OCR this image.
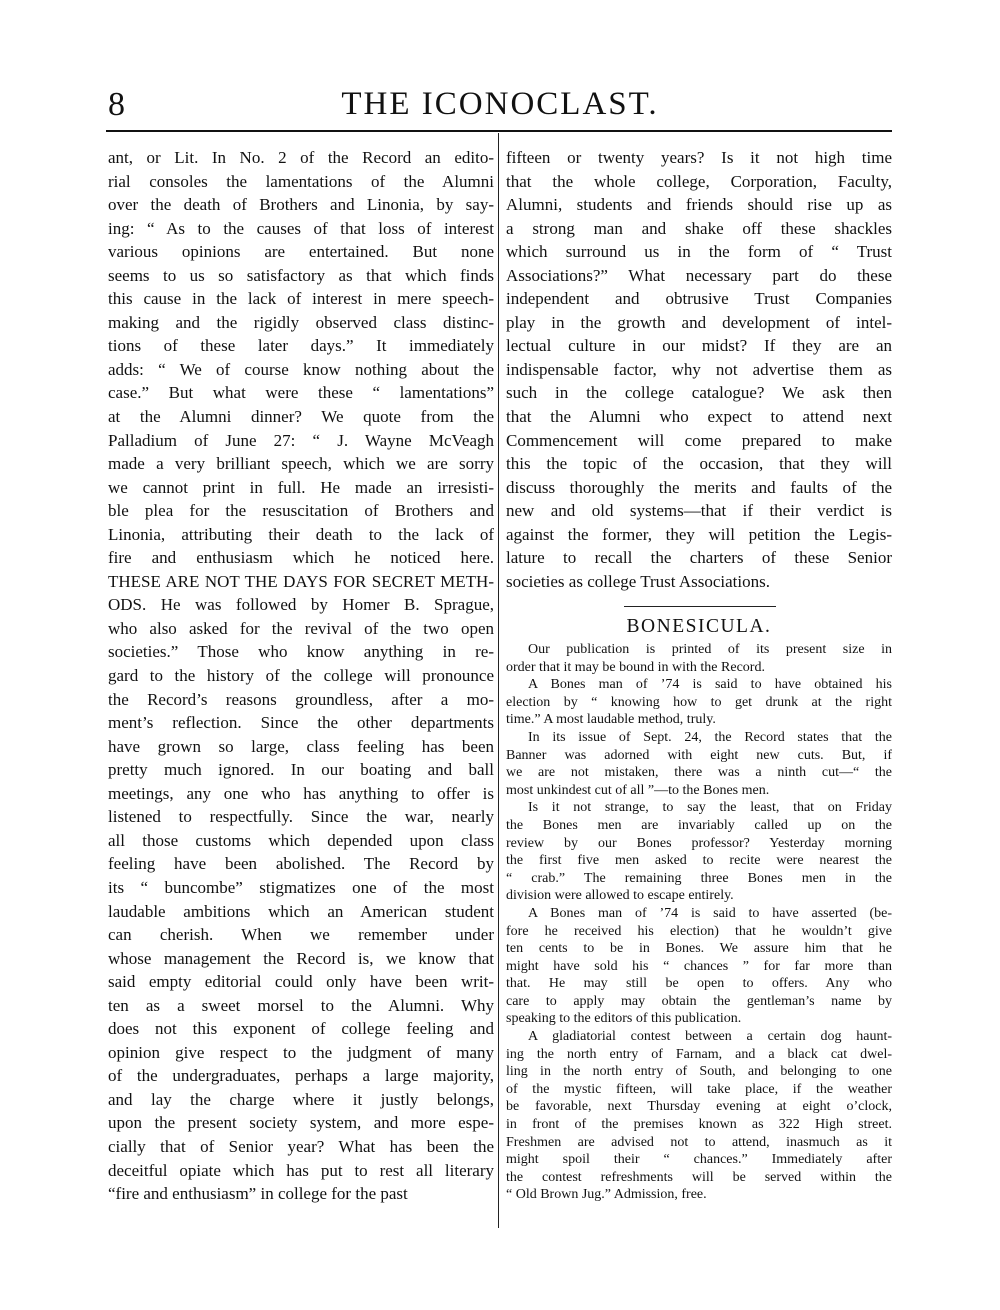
8	THE ICONOCLAST.
ant, or Lit. In No. 2 of the Record an edito-
rial consoles the lamentations of the Alumni
over the death of Brothers and Linonia, by say-
ing: “ As to the causes of that loss of interest
various opinions are entertained. But none
seems to us so satisfactory as that which finds
this cause in the lack of interest in mere speech-
making and the rigidly observed class distinc-
tions of these later days.” It immediately
adds: “ We of course know nothing about the
case.” But what were these “ lamentations”
at the Alumni dinner? We quote from the
Palladium of June 27: “ J. Wayne McVeagh
made a very brilliant speech, which we are sorry
we cannot print in full. He made an irresisti-
ble plea for the resuscitation of Brothers and
Linonia, attributing their death to the lack of
fire and enthusiasm which he noticed here.
THESE ARE NOT THE DAYS FOR SECRET METH-
ODS. He was followed by Homer B. Sprague,
who also asked for the revival of the two open
societies.” Those who know anything in re-
gard to the history of the college will pronounce
the Record’s reasons groundless, after a mo-
ment’s reflection. Since the other departments
have grown so large, class feeling has been
pretty much ignored. In our boating and ball
meetings, any one who has anything to offer is
listened to respectfully. Since the war, nearly
all those customs which depended upon class
feeling have been abolished. The Record by
its “ buncombe” stigmatizes one of the most
laudable ambitions which an American student
can cherish. When we remember under
whose management the Record is, we know that
said empty editorial could only have been writ-
ten as a sweet morsel to the Alumni. Why
does not this exponent of college feeling and
opinion give respect to the judgment of many
of the undergraduates, perhaps a large majority,
and lay the charge where it justly belongs,
upon the present society system, and more espe-
cially that of Senior year? What has been the
deceitful opiate which has put to rest all literary
“fire and enthusiasm” in college for the past
fifteen or twenty years? Is it not high time
that the whole college, Corporation, Faculty,
Alumni, students and friends should rise up as
a strong man and shake off these shackles
which surround us in the form of “ Trust
Associations?” What necessary part do these
independent and obtrusive Trust Companies
play in the growth and development of intel-
lectual culture in our midst? If they are an
indispensable factor, why not advertise them as
such in the college catalogue? We ask then
that the Alumni who expect to attend next
Commencement will come prepared to make
this the topic of the occasion, that they will
discuss thoroughly the merits and faults of the
new and old systems—that if their verdict is
against the former, they will petition the Legis-
lature to recall the charters of these Senior
societies as college Trust Associations.
BONESICULA.
Our publication is printed of its present size in
order that it may be bound in with the Record.
A Bones man of ’74 is said to have obtained his
election by “ knowing how to get drunk at the right
time.” A most laudable method, truly.
In its issue of Sept. 24, the Record states that the
Banner was adorned with eight new cuts. But, if
we are not mistaken, there was a ninth cut—“ the
most unkindest cut of all ”—to the Bones men.
Is it not strange, to say the least, that on Friday
the Bones men are invariably called up on the
review by our Bones professor? Yesterday morning
the first five men asked to recite were nearest the
“ crab.” The remaining three Bones men in the
division were allowed to escape entirely.
A Bones man of ’74 is said to have asserted (be-
fore he received his election) that he wouldn’t give
ten cents to be in Bones. We assure him that he
might have sold his “ chances ” for far more than
that. He may still be open to offers. Any who
care to apply may obtain the gentleman’s name by
speaking to the editors of this publication.
A gladiatorial contest between a certain dog haunt-
ing the north entry of Farnam, and a black cat dwel-
ling in the north entry of South, and belonging to one
of the mystic fifteen, will take place, if the weather
be favorable, next Thursday evening at eight o’clock,
in front of the premises known as 322 High street.
Freshmen are advised not to attend, inasmuch as it
might spoil their “ chances.” Immediately after
the contest refreshments will be served within the
“ Old Brown Jug.” Admission, free.
